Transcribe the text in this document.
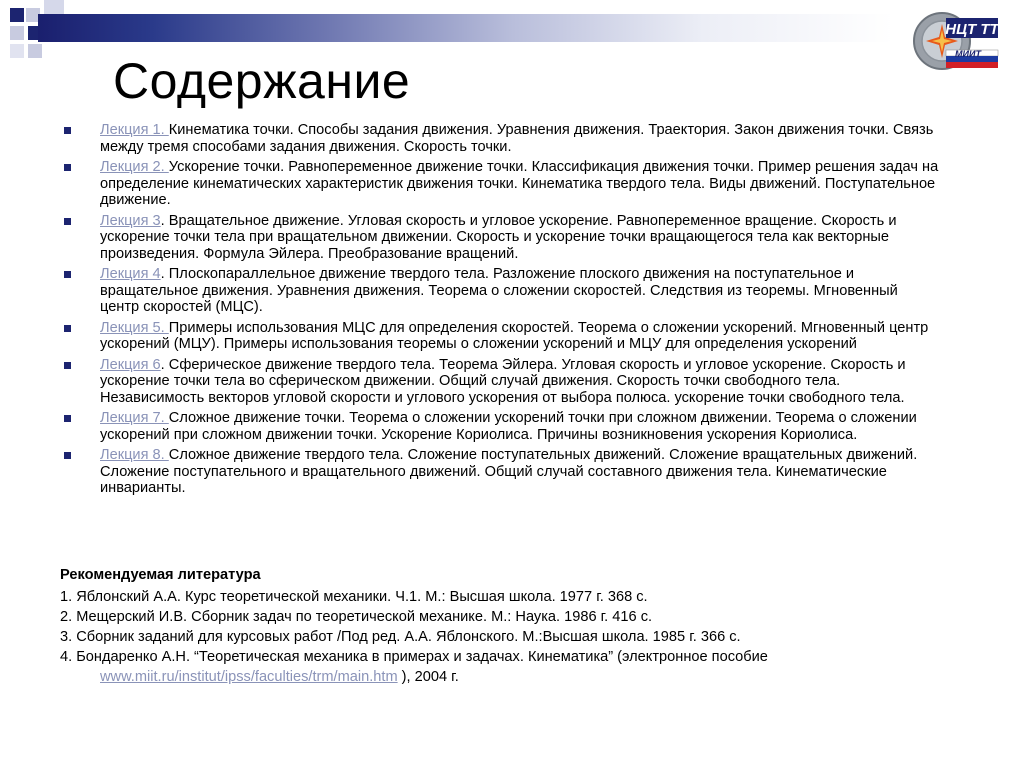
НЦТ ТТ
МИИТ
Содержание
Лекция 1. Кинематика точки. Способы задания движения. Уравнения движения. Траектория. Закон движения точки. Связь между тремя способами задания движения. Скорость точки.
Лекция 2. Ускорение точки. Равнопеременное движение точки. Классификация движения точки. Пример решения задач на определение кинематических характеристик движения точки. Кинематика твердого тела. Виды движений. Поступательное движение.
Лекция 3. Вращательное движение. Угловая скорость и угловое ускорение. Равнопеременное вращение. Скорость и ускорение точки тела при вращательном движении. Скорость и ускорение точки вращающегося тела как векторные произведения. Формула Эйлера. Преобразование вращений.
Лекция 4. Плоскопараллельное движение твердого тела. Разложение плоского движения на поступательное и вращательное движения. Уравнения движения. Теорема о сложении скоростей. Следствия из теоремы. Мгновенный центр скоростей (МЦС).
Лекция 5. Примеры использования МЦС для определения скоростей. Теорема о сложении ускорений. Мгновенный центр ускорений (МЦУ). Примеры использования теоремы о сложении ускорений и МЦУ для определения ускорений
Лекция 6. Сферическое движение твердого тела. Теорема Эйлера. Угловая скорость и угловое ускорение. Скорость и ускорение точки тела во сферическом движении. Общий случай движения. Скорость точки свободного тела. Независимость векторов угловой скорости и углового ускорения от выбора полюса. ускорение точки свободного тела.
Лекция 7. Сложное движение точки. Теорема о сложении ускорений точки при сложном движении. Теорема о сложении ускорений при сложном движении точки. Ускорение Кориолиса. Причины возникновения ускорения Кориолиса.
Лекция 8. Сложное движение твердого тела. Сложение поступательных движений. Сложение вращательных движений. Сложение поступательного и вращательного движений. Общий случай составного движения тела. Кинематические инварианты.
Рекомендуемая литература
1. Яблонский А.А. Курс теоретической механики. Ч.1. М.: Высшая школа. 1977 г. 368 с.
2. Мещерский И.В. Сборник задач по теоретической механике. М.: Наука. 1986 г. 416 с.
3. Сборник заданий для курсовых работ /Под ред. А.А. Яблонского. М.:Высшая школа. 1985 г. 366 с.
4. Бондаренко А.Н. “Теоретическая механика в примерах и задачах. Кинематика” (электронное пособие
www.miit.ru/institut/ipss/faculties/trm/main.htm ), 2004 г.
